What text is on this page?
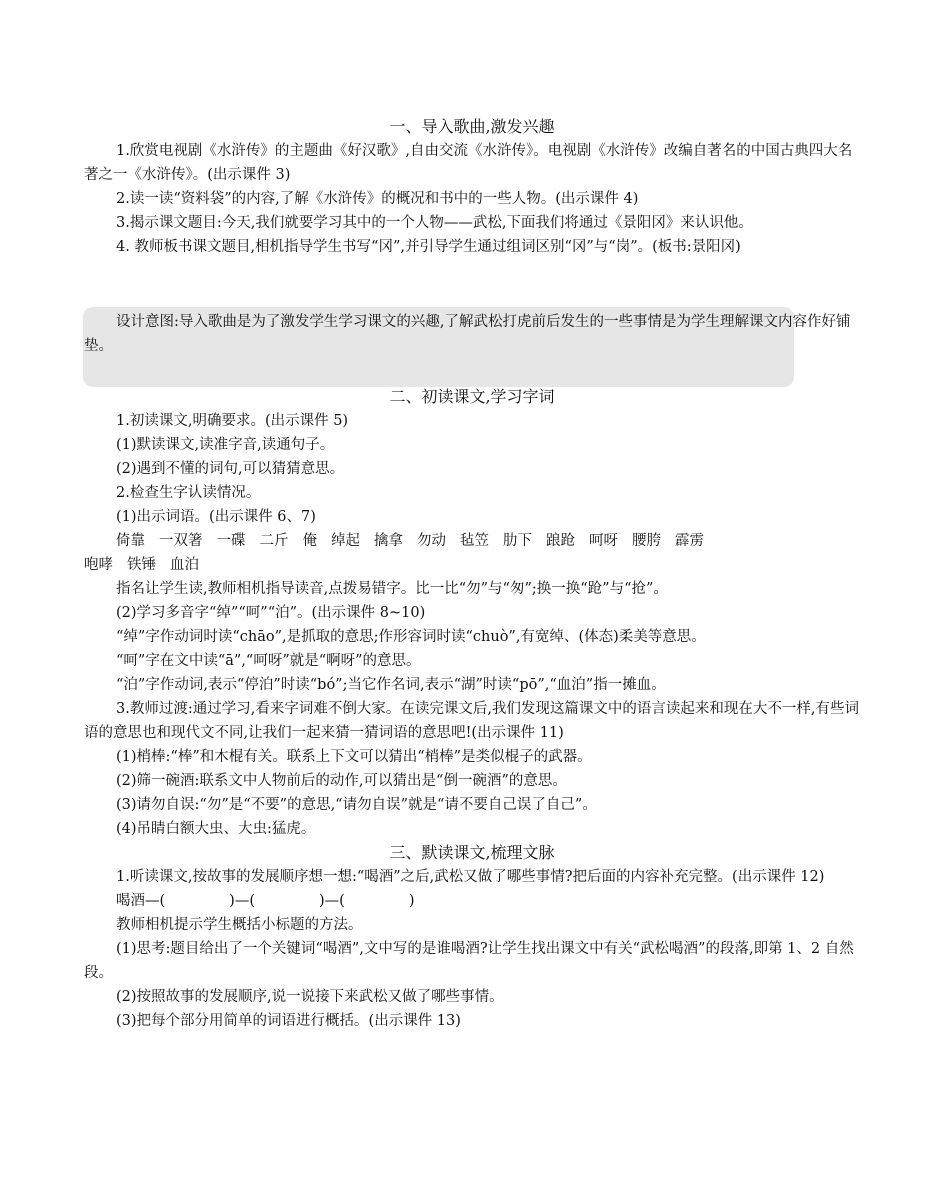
一、导入歌曲,激发兴趣

1.欣赏电视剧《水浒传》的主题曲《好汉歌》,自由交流《水浒传》。电视剧《水浒传》改编自著名的中国古典四大名著之一《水浒传》。(出示课件 3)

2.读一读“资料袋”的内容,了解《水浒传》的概况和书中的一些人物。(出示课件 4)

3.揭示课文题目:今天,我们就要学习其中的一个人物——武松,下面我们将通过《景阳冈》来认识他。

4. 教师板书课文题目,相机指导学生书写“冈”,并引导学生通过组词区别“冈”与“岗”。(板书:景阳冈)

设计意图:导入歌曲是为了激发学生学习课文的兴趣,了解武松打虎前后发生的一些事情是为学生理解课文内容作好铺垫。

二、初读课文,学习字词

1.初读课文,明确要求。(出示课件 5)

(1)默读课文,读准字音,读通句子。

(2)遇到不懂的词句,可以猜猜意思。

2.检查生字认读情况。

(1)出示词语。(出示课件 6、7)

倚靠 一双箸 一碟 二斤 俺 绰起 擒拿 勿动 毡笠 肋下 踉跄 呵呀 腰胯 霹雳

咆哮 铁锤 血泊

指名让学生读,教师相机指导读音,点拨易错字。比一比“勿”与“匆”;换一换“跄”与“抢”。

(2)学习多音字“绰”“呵”“泊”。(出示课件 8~10)

“绰”字作动词时读“chāo”,是抓取的意思;作形容词时读“chuò”,有宽绰、(体态)柔美等意思。

“呵”字在文中读“ā”,“呵呀”就是“啊呀”的意思。

“泊”字作动词,表示“停泊”时读“bó”;当它作名词,表示“湖”时读“pō”,“血泊”指一摊血。

3.教师过渡:通过学习,看来字词难不倒大家。在读完课文后,我们发现这篇课文中的语言读起来和现在大不一样,有些词语的意思也和现代文不同,让我们一起来猜一猜词语的意思吧!(出示课件 11)

(1)梢棒:“棒”和木棍有关。联系上下文可以猜出“梢棒”是类似棍子的武器。

(2)筛一碗酒:联系文中人物前后的动作,可以猜出是“倒一碗酒”的意思。

(3)请勿自误:“勿”是“不要”的意思,“请勿自误”就是“请不要自己误了自己”。

(4)吊睛白额大虫、大虫:猛虎。

三、默读课文,梳理文脉

1.听读课文,按故事的发展顺序想一想:“喝酒”之后,武松又做了哪些事情?把后面的内容补充完整。(出示课件 12)

喝酒—(	)—(	)—(	)

教师相机提示学生概括小标题的方法。

(1)思考:题目给出了一个关键词“喝酒”,文中写的是谁喝酒?让学生找出课文中有关“武松喝酒”的段落,即第 1、2 自然段。

(2)按照故事的发展顺序,说一说接下来武松又做了哪些事情。

(3)把每个部分用简单的词语进行概括。(出示课件 13)
